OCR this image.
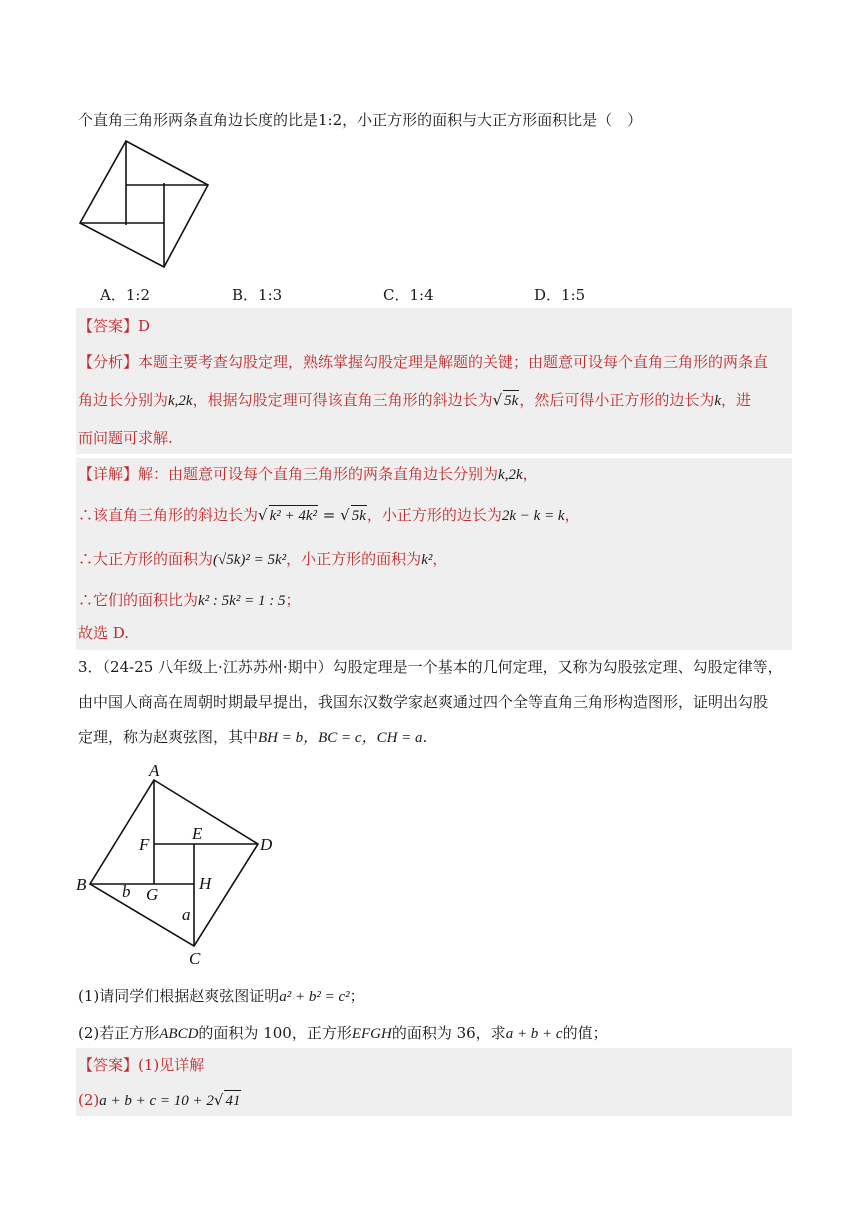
个直角三角形两条直角边长度的比是1:2，小正方形的面积与大正方形面积比是（　）
A．1:2	B．1:3	C．1:4	D．1:5
【答案】D
【分析】本题主要考查勾股定理，熟练掌握勾股定理是解题的关键；由题意可设每个直角三角形的两条直
角边长分别为k,2k，根据勾股定理可得该直角三角形的斜边长为√ 5k，然后可得小正方形的边长为k，进
而问题可求解.
【详解】解：由题意可设每个直角三角形的两条直角边长分别为k,2k，
∴该直角三角形的斜边长为√ k² + 4k² = √ 5k，小正方形的边长为2k − k = k，
∴大正方形的面积为(√5k)² = 5k²，小正方形的面积为k²，
∴它们的面积比为k² : 5k² = 1 : 5；
故选 D.
3．（24-25 八年级上·江苏苏州·期中）勾股定理是一个基本的几何定理，又称为勾股弦定理、勾股定律等，
由中国人商高在周朝时期最早提出，我国东汉数学家赵爽通过四个全等直角三角形构造图形，证明出勾股
定理，称为赵爽弦图，其中BH = b，BC = c，CH = a.
A
B
C
D
E
F
G
H
b
a
(1)请同学们根据赵爽弦图证明a² + b² = c²；
(2)若正方形ABCD的面积为 100，正方形EFGH的面积为 36，求a + b + c的值；
【答案】(1)见详解
(2)a + b + c = 10 + 2√ 41
